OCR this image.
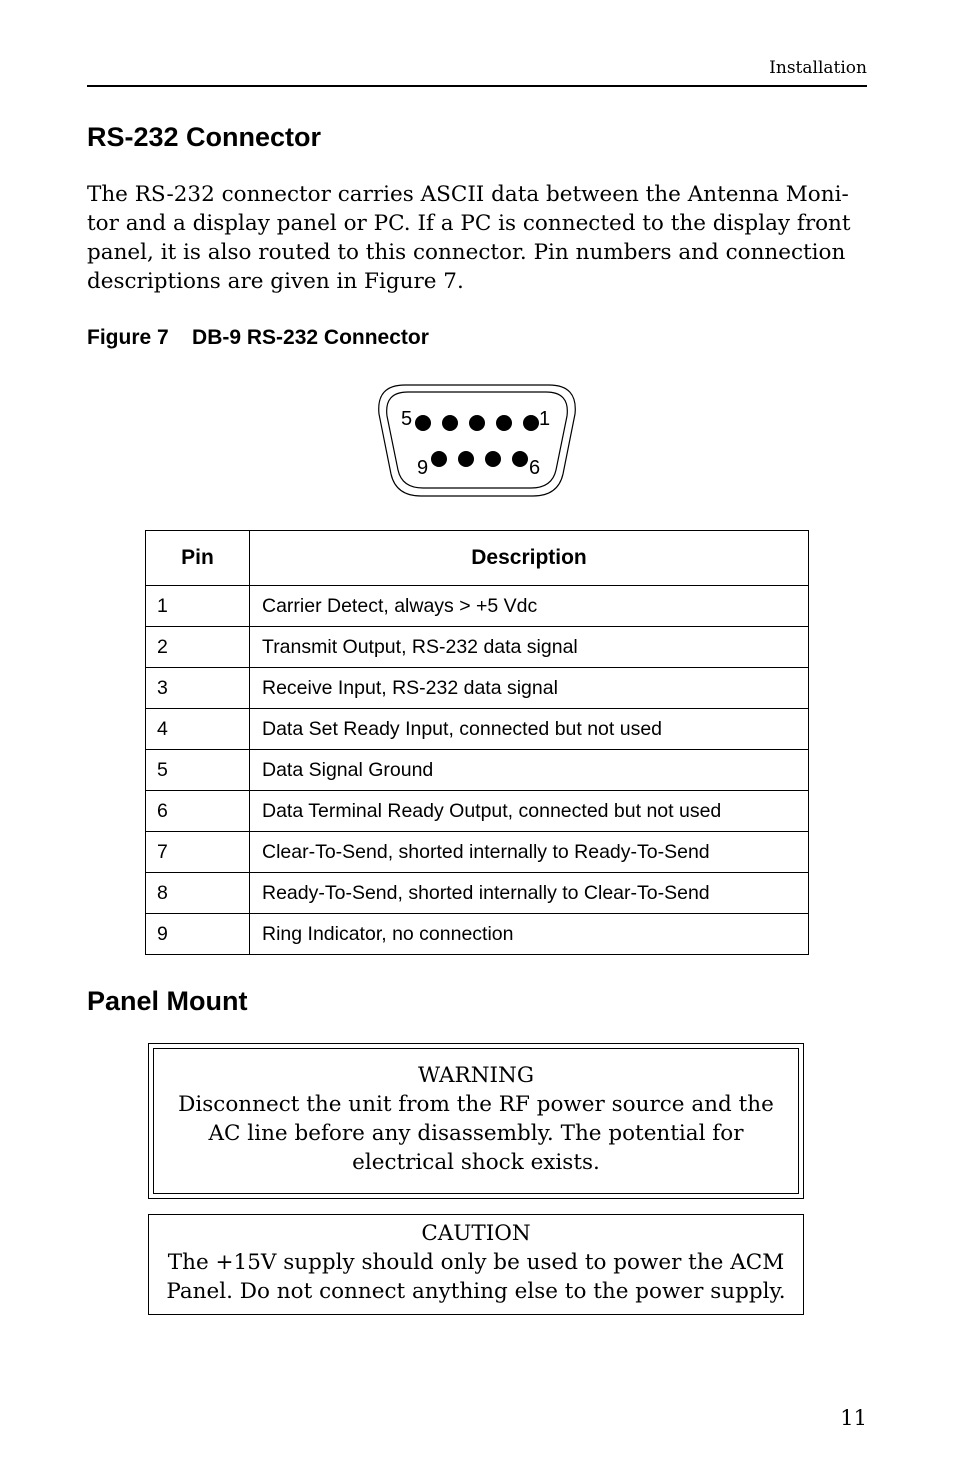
Installation
RS-232 Connector

The RS-232 connector carries ASCII data between the Antenna Moni-tor and a display panel or PC. If a PC is connected to the display front panel, it is also routed to this connector. Pin numbers and connection descriptions are given in Figure 7.

Figure 7 DB-9 RS-232 Connector

5	1
9	6
Pin	Description
1	Carrier Detect, always > +5 Vdc
2	Transmit Output, RS-232 data signal
3	Receive Input, RS-232 data signal
4	Data Set Ready Input, connected but not used
5	Data Signal Ground
6	Data Terminal Ready Output, connected but not used
7	Clear-To-Send, shorted internally to Ready-To-Send
8	Ready-To-Send, shorted internally to Clear-To-Send
9	Ring Indicator, no connection
Panel Mount

WARNING

Disconnect the unit from the RF power source and the AC line before any disassembly. The potential for electrical shock exists.

CAUTION

The +15V supply should only be used to power the ACM Panel. Do not connect anything else to the power supply.

11
